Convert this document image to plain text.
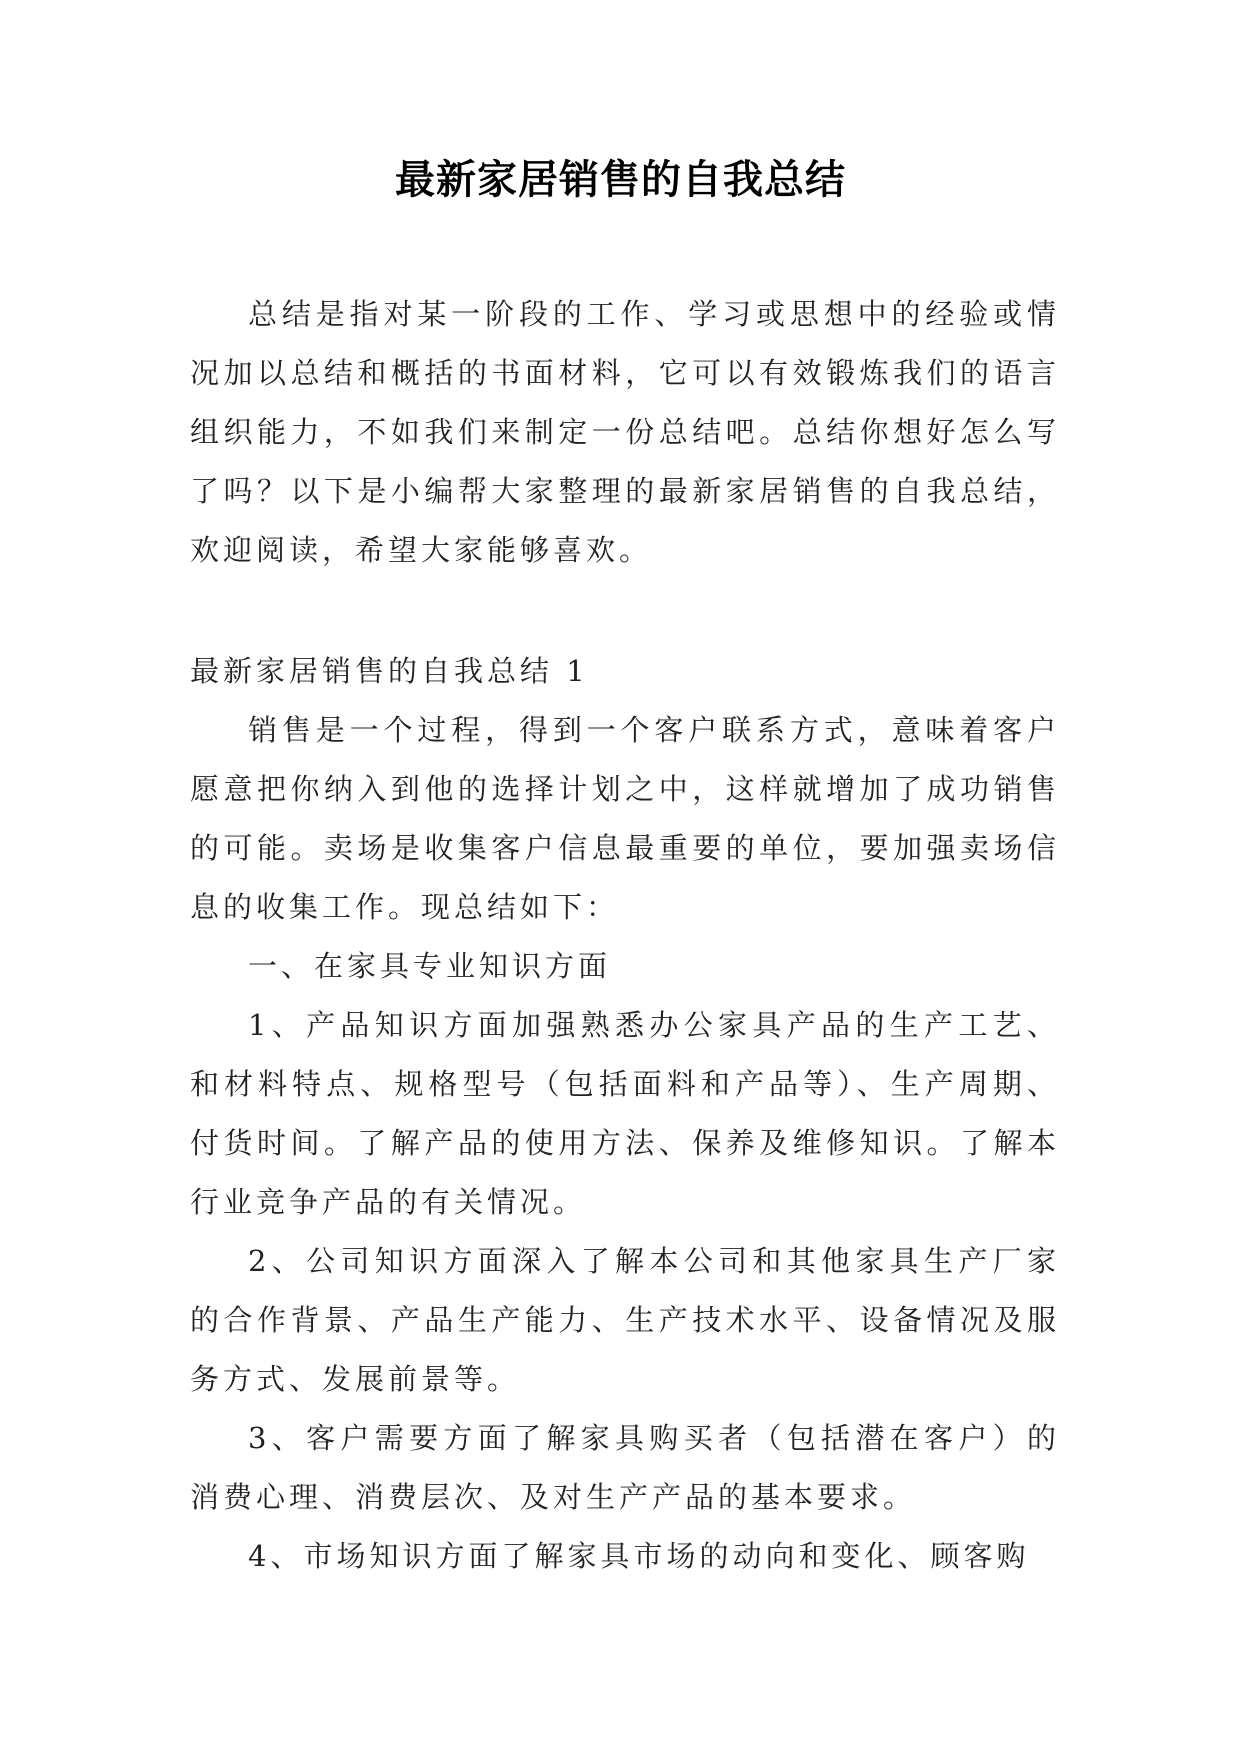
最新家居销售的自我总结

总结是指对某一阶段的工作、学习或思想中的经验或情况加以总结和概括的书面材料，它可以有效锻炼我们的语言组织能力，不如我们来制定一份总结吧。总结你想好怎么写了吗？以下是小编帮大家整理的最新家居销售的自我总结，欢迎阅读，希望大家能够喜欢。

最新家居销售的自我总结 1

销售是一个过程，得到一个客户联系方式，意味着客户愿意把你纳入到他的选择计划之中，这样就增加了成功销售的可能。卖场是收集客户信息最重要的单位，要加强卖场信息的收集工作。现总结如下：

一、在家具专业知识方面

1、产品知识方面加强熟悉办公家具产品的生产工艺、和材料特点、规格型号（包括面料和产品等）、生产周期、付货时间。了解产品的使用方法、保养及维修知识。了解本行业竞争产品的有关情况。

2、公司知识方面深入了解本公司和其他家具生产厂家的合作背景、产品生产能力、生产技术水平、设备情况及服务方式、发展前景等。

3、客户需要方面了解家具购买者（包括潜在客户）的消费心理、消费层次、及对生产产品的基本要求。

4、市场知识方面了解家具市场的动向和变化、顾客购
